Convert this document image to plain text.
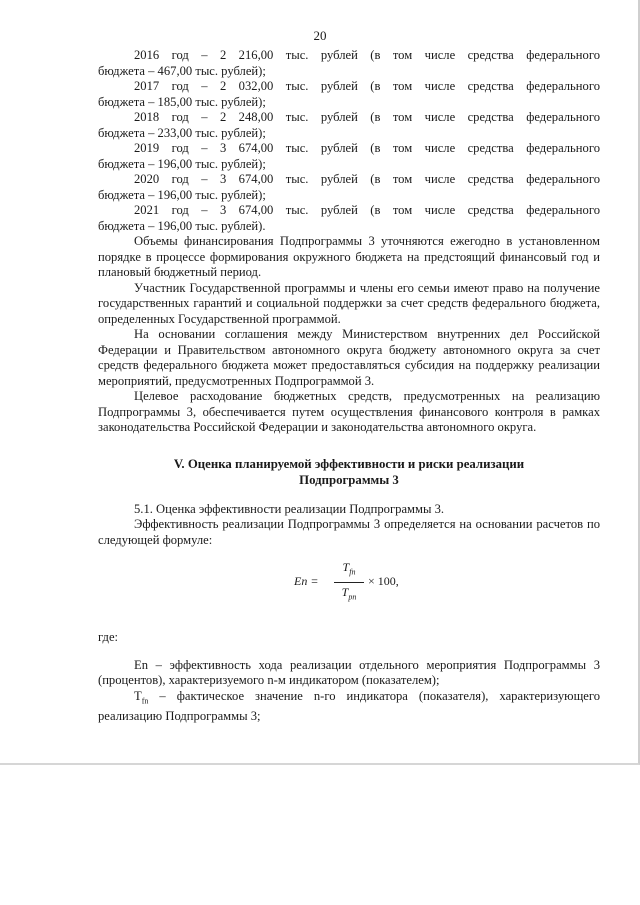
20

2016 год – 2 216,00 тыс. рублей (в том числе средства федерального

бюджета – 467,00 тыс. рублей);

2017 год – 2 032,00 тыс. рублей (в том числе средства федерального

бюджета – 185,00 тыс. рублей);

2018 год – 2 248,00 тыс. рублей (в том числе средства федерального

бюджета – 233,00 тыс. рублей);

2019 год – 3 674,00 тыс. рублей (в том числе средства федерального

бюджета – 196,00 тыс. рублей);

2020 год – 3 674,00 тыс. рублей (в том числе средства федерального

бюджета – 196,00 тыс. рублей);

2021 год – 3 674,00 тыс. рублей (в том числе средства федерального

бюджета – 196,00 тыс. рублей).

Объемы финансирования Подпрограммы 3 уточняются ежегодно в установленном порядке в процессе формирования окружного бюджета на предстоящий финансовый год и плановый бюджетный период.

Участник Государственной программы и члены его семьи имеют право на получение государственных гарантий и социальной поддержки за счет средств федерального бюджета, определенных Государственной программой.

На основании соглашения между Министерством внутренних дел Российской Федерации и Правительством автономного округа бюджету автономного округа за счет средств федерального бюджета может предоставляться субсидия на поддержку реализации мероприятий, предусмотренных Подпрограммой 3.

Целевое расходование бюджетных средств, предусмотренных на реализацию Подпрограммы 3, обеспечивается путем осуществления финансового контроля в рамках законодательства Российской Федерации и законодательства автономного округа.

V. Оценка планируемой эффективности и риски реализации
Подпрограммы 3

5.1. Оценка эффективности реализации Подпрограммы 3.

Эффективность реализации Подпрограммы 3 определяется на основании расчетов по следующей формуле:

En =
$T_{fn}$
$T_{pn}$
× 100,

где:

En – эффективность хода реализации отдельного мероприятия Подпрограммы 3 (процентов), характеризуемого n-м индикатором (показателем);

$T_{fn}$ – фактическое значение n-го индикатора (показателя), характеризующего реализацию Подпрограммы 3;
